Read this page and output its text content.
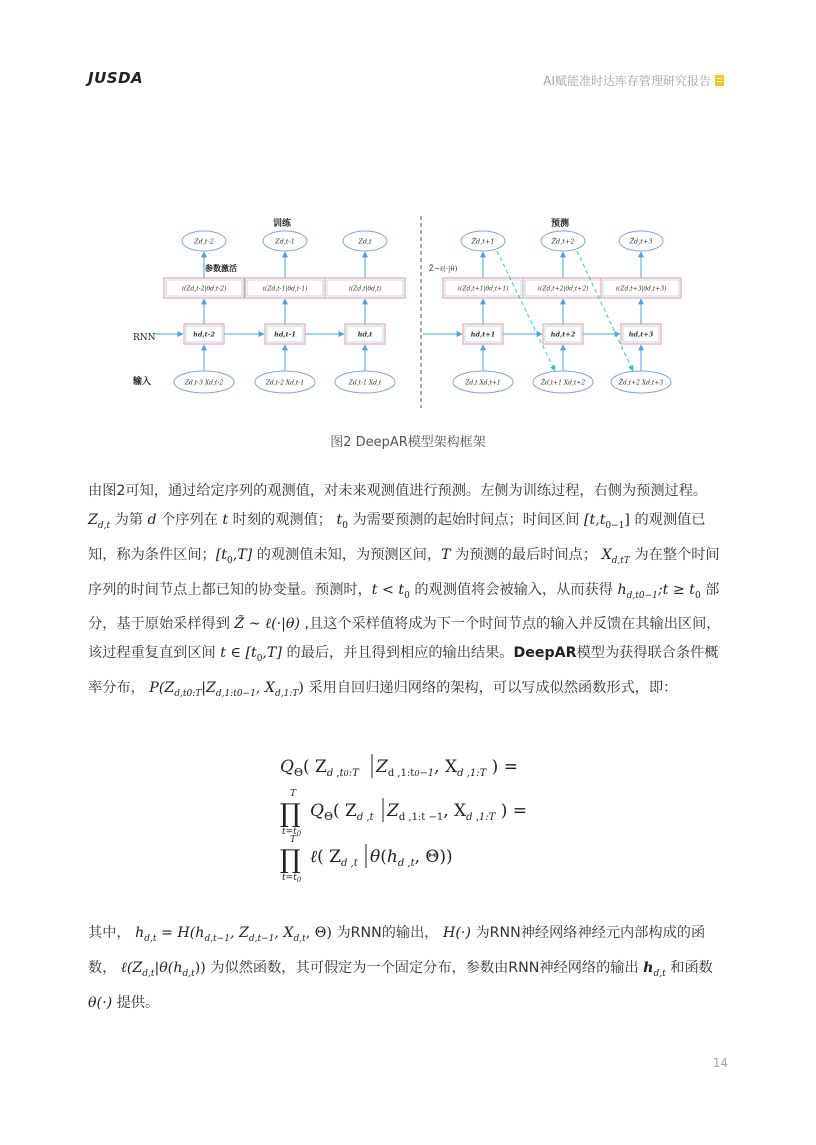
JUSDA	AI赋能准时达库存管理研究报告
训练	预测
RNN
输入
参数激活	Z̃~ℓ(·|θ)
Zd,t-2
ℓ(Zd,t-2|θd,t-2)
hd,t-2
Zd,t-3 Xd,t-2
Zd,t-1
ℓ(Zd,t-1|θd,t-1)
hd,t-1
Zd,t-2 Xd,t-1
Zd,t
ℓ(Zd,t|θd,t)
hd,t
Zd,t-1 Xd,t
Z̃d,t+1
ℓ(Zd,t+1|θd,t+1)
hd,t+1
Zd,t Xd,t+1
Z̃d,t+2
ℓ(Zd,t+2|θd,t+2)
hd,t+2
Z̃d,t+1 Xd,t+2
Z̃d,t+3
ℓ(Zd,t+3|θd,t+3)
hd,t+3
Z̃d,t+2 Xd,t+3
图2 DeepAR模型架构框架

由图2可知，通过给定序列的观测值，对未来观测值进行预测。左侧为训练过程，右侧为预测过程。$Z_{d,t}$ 为第 d 个序列在 t 时刻的观测值； $t_0$ 为需要预测的起始时间点；时间区间 $[t,t_{0-1}]$ 的观测值已知，称为条件区间；$[t_0,T]$ 的观测值未知，为预测区间，T 为预测的最后时间点； $X_{d,tT}$ 为在整个时间序列的时间节点上都已知的协变量。预测时，$t < t_0$ 的观测值将会被输入，从而获得 $h_{d,t0-1};t \ge t_0$ 部分，基于原始采样得到 Z̃ ~ ℓ(·|θ) ,且这个采样值将成为下一个时间节点的输入并反馈在其输出区间，该过程重复直到区间 t ∈ $[t_0,T]$ 的最后，并且得到相应的输出结果。DeepAR模型为获得联合条件概率分布， $P(Z_{d,t0:T}|Z_{d,1:t0-1}$, $X_{d,1:T}$) 采用自回归递归网络的架构，可以写成似然函数形式，即：

$Q_\Theta$( $Z_{d ,t}0:T$ $Z_{d ,1:t}0-1$, $X_{d ,1:T}$ ) =
T
∏
$t=t_0$
$Q_\Theta$( $Z_{d ,t}$ $Z_{d ,1:t -1}$, $X_{d ,1:T}$ ) =
T
∏
$t=t_0$
ℓ( $Z_{d ,t}$ $\theta(h_{d ,t}$, Θ))

其中， $h_{d,t} = H(h_{d,t-1}$, $Z_{d,t-1}$, $X_{d,t}$, Θ) 为RNN的输出， H(·) 为RNN神经网络神经元内部构成的函数， $\ell(Z_{d,t}|\theta(h_{d,t}))$ 为似然函数，其可假定为一个固定分布，参数由RNN神经网络的输出 $h_{d,t}$ 和函数 θ(·) 提供。

14
